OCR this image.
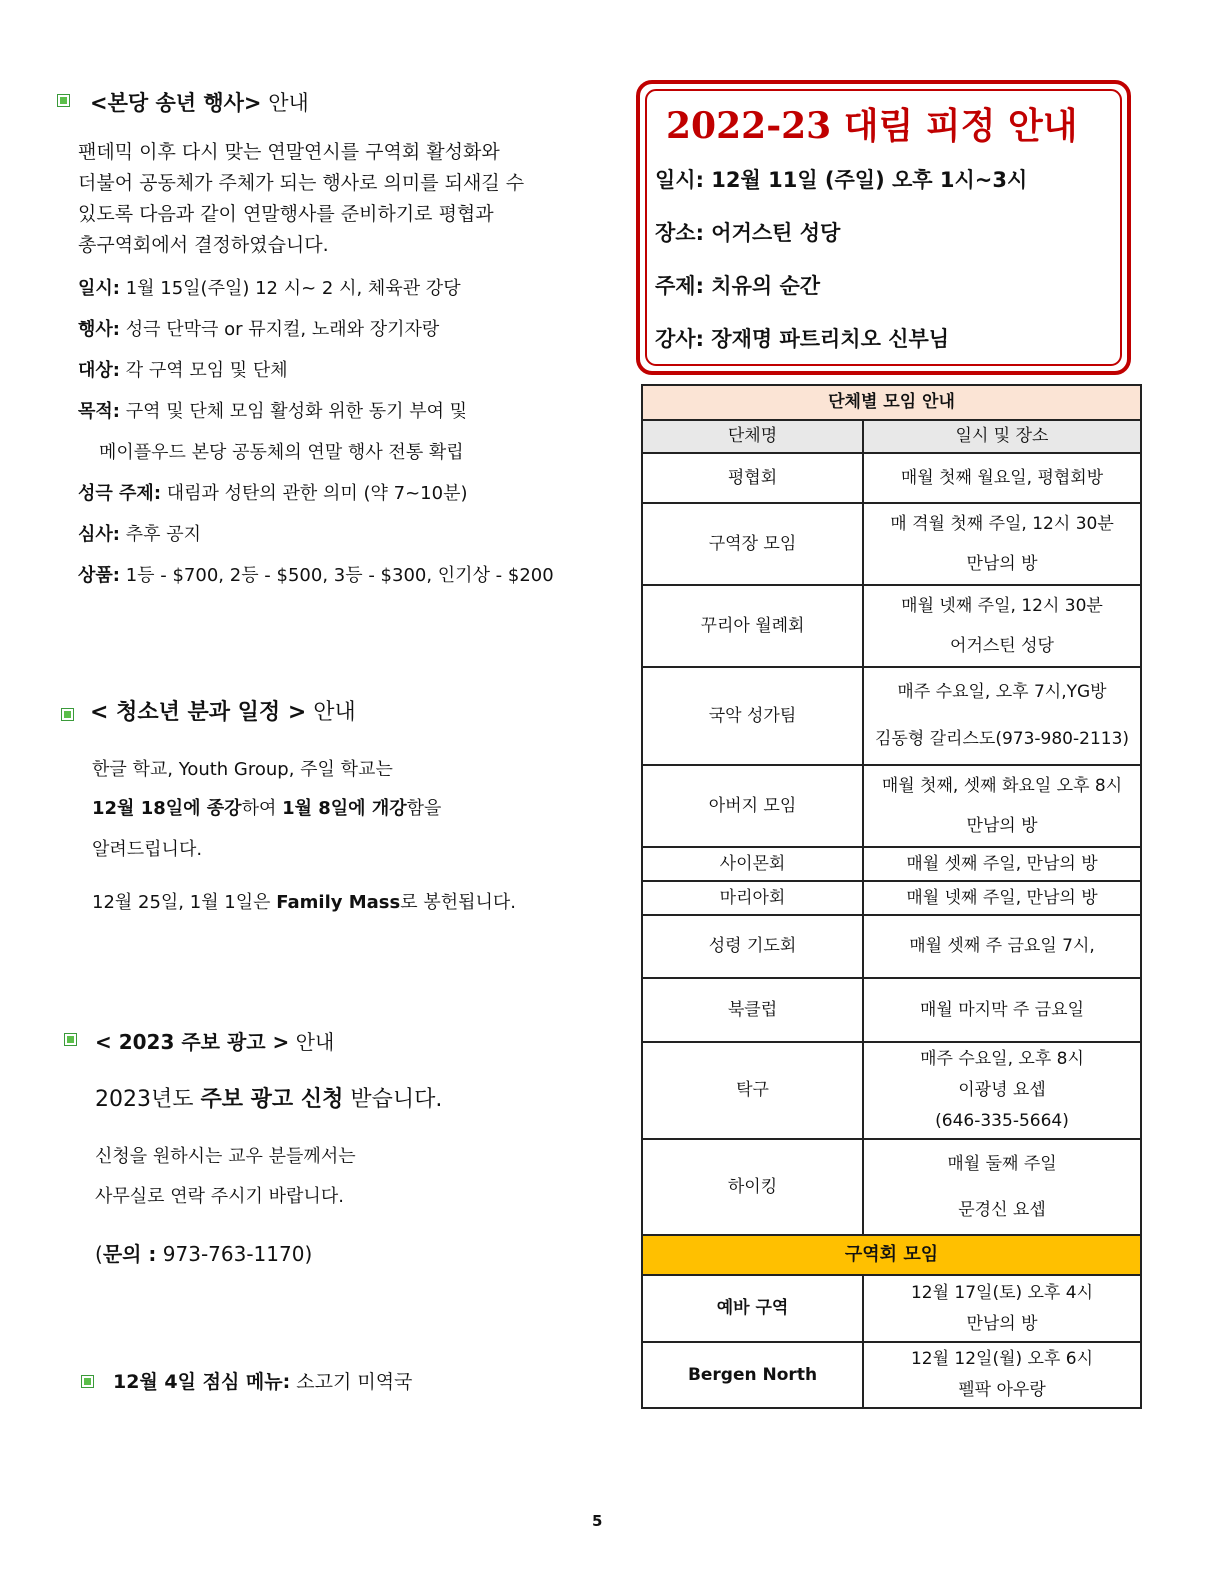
<본당 송년 행사> 안내
팬데믹 이후 다시 맞는 연말연시를 구역회 활성화와
더불어 공동체가 주체가 되는 행사로 의미를 되새길 수
있도록 다음과 같이 연말행사를 준비하기로 평협과
총구역회에서 결정하였습니다.
일시: 1월 15일(주일) 12 시~ 2 시, 체육관 강당
행사: 성극 단막극 or 뮤지컬, 노래와 장기자랑
대상: 각 구역 모임 및 단체
목적: 구역 및 단체 모임 활성화 위한 동기 부여 및
메이플우드 본당 공동체의 연말 행사 전통 확립
성극 주제: 대림과 성탄의 관한 의미 (약 7~10분)
심사: 추후 공지
상품: 1등 - $700, 2등 - $500, 3등 - $300, 인기상 - $200
< 청소년 분과 일정 > 안내
한글 학교, Youth Group, 주일 학교는
12월 18일에 종강하여 1월 8일에 개강함을
알려드립니다.
12월 25일, 1월 1일은 Family Mass로 봉헌됩니다.
< 2023 주보 광고 > 안내
2023년도 주보 광고 신청 받습니다.
신청을 원하시는 교우 분들께서는
사무실로 연락 주시기 바랍니다.
(문의 : 973-763-1170)
12월 4일 점심 메뉴: 소고기 미역국
2022-23 대림 피정 안내
일시: 12월 11일 (주일) 오후 1시~3시
장소: 어거스틴 성당
주제: 치유의 순간
강사: 장재명 파트리치오 신부님
단체별 모임 안내	
단체명	일시 및 장소
평협회	매월 첫째 월요일, 평협회방

구역장 모임	매 격월 첫째 주일, 12시 30분
만남의 방

꾸리아 월례회	매월 넷째 주일, 12시 30분
어거스틴 성당

국악 성가팀	매주 수요일, 오후 7시,YG방
김동형 갈리스도(973-980-2113)

아버지 모임	매월 첫째, 셋째 화요일 오후 8시
만남의 방

사이몬회	매월 셋째 주일, 만남의 방

마리아회	매월 넷째 주일, 만남의 방

성령 기도회	매월 셋째 주 금요일 7시,

북클럽	매월 마지막 주 금요일

탁구	매주 수요일, 오후 8시
이광녕 요셉
(646-335-5664)

하이킹	매월 둘째 주일
문경신 요셉

구역회 모임	
예바 구역	12월 17일(토) 오후 4시
만남의 방

Bergen North	12월 12일(월) 오후 6시
펠팍 아우랑
5
